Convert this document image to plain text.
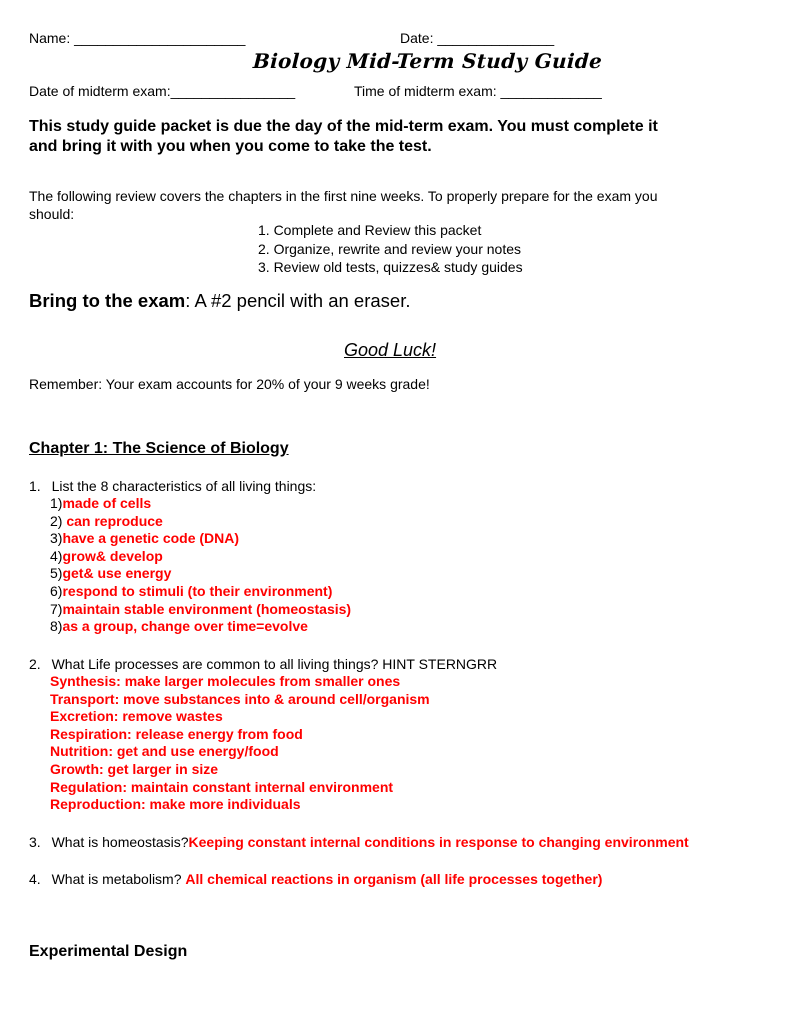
Name: ______________________	Date: _______________
Biology Mid-Term Study Guide
Date of midterm exam:________________	Time of midterm exam: _____________
This study guide packet is due the day of the mid-term exam. You must complete it
and bring it with you when you come to take the test.
The following review covers the chapters in the first nine weeks. To properly prepare for the exam you
should:
1. Complete and Review this packet
2. Organize, rewrite and review your notes
3. Review old tests, quizzes& study guides
Bring to the exam: A #2 pencil with an eraser.
Good Luck!
Remember: Your exam accounts for 20% of your 9 weeks grade!
Chapter 1: The Science of Biology
1. List the 8 characteristics of all living things:
1)made of cells
2) can reproduce
3)have a genetic code (DNA)
4)grow& develop
5)get& use energy
6)respond to stimuli (to their environment)
7)maintain stable environment (homeostasis)
8)as a group, change over time=evolve
2. What Life processes are common to all living things? HINT STERNGRR
Synthesis: make larger molecules from smaller ones
Transport: move substances into & around cell/organism
Excretion: remove wastes
Respiration: release energy from food
Nutrition: get and use energy/food
Growth: get larger in size
Regulation: maintain constant internal environment
Reproduction: make more individuals
3. What is homeostasis?Keeping constant internal conditions in response to changing environment
4. What is metabolism? All chemical reactions in organism (all life processes together)
Experimental Design
